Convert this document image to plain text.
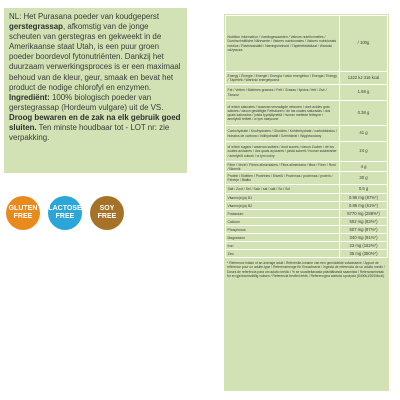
NL: Het Purasana poeder van koudgeperst gerstegrassap, afkomstig van de jonge scheuten van gerstegras en gekweekt in de Amerikaanse staat Utah, is een puur groen poeder boordevol fytonutriënten. Dankzij het duurzaam verwerkingsproces is er een maximaal behoud van de kleur, geur, smaak en bevat het product de nodige chlorofyl en enzymen. Ingrediënt: 100% biologisch poeder van gerstegrassap (Hordeum vulgare) uit de VS. Droog bewaren en de zak na elk gebruik goed sluiten. Ten minste houdbaar tot - LOT nr: zie verpakking.

GLUTEN FREE
LACTOSE FREE
SOY FREE
Nutrition information / Voedingswaarden / Valeurs nutritionnelles / Durchschnittliche Nährwerte / Valores nutricionales / Valores nutricionais médios / Ravintosisältö / Næringsinnhold / Tápértéktáblázat / Wartość odżywcza	/ 100g
Energy / Énergie / Energie / Energía / valor energético / Energia / Energy / Tápérték / Wartość energetyczna	1322 kJ 316 kcal
Fat / Vetten / Matières grasses / Fett / Grasas / lípidos / fett / Zsír / Tłuszcz	1.68 g
of which saturates / waarvan verzadigde vetzuren / dont acides gras saturés / davon gesättigte Fettsäuren / de las cuales saturadas / dos quais saturados / joista tyydyttyneitä / hvorav mettede fettsyrer / amelyből telített / w tym nasycone	0.38 g
Carbohydrate / Koolhydraten / Glucides / Kohlenhydrate / carbohidratos / hidratos de carbono / hiilihydraatit / Szénhidrát / Węglowodany	41 g
of which sugars / waarvan suikers / dont sucres / davon Zucker / de los cuales azúcares / dos quais açúcares / joista sokerit / hvorav sukkerarter / amelyből cukrok / w tym cukry	24 g
Fibre / Vezel / Fibres alimentaires / Fibra alimentaria / fibra / Fiber / Rost / Błonnik	4 g
Protein / Eiwitten / Protéines / Eiweiß / Proteínas / proteínas / protein / Fehérje / Białko	30 g
Salt / Zout / Sel / Salz / sal / salt / Só / Sól	0.5 g
Vitamin(e)(a) B1	0.96 mg (87%*)
Vitamin(e)(a) B2	0.85 mg (61%*)
Potassium	5770 mg (288%*)
Calcium	502 mg (63%*)
Phosphorus	607 mg (87%*)
Magnesium	340 mg (91%*)
Iron	23 mg (162%*)
Zinc	35 mg (350%*)
* Reference intake of an average adult / Referentie-inname van een gemiddelde volwassene / Apport de référence pour un adulte-type / Referenzmenge für Erwachsene / Ingesta de referencia de un adulto medio / Doses de referência para um adulto médio / % se suositeltavasta päivittäisestä saannista / Referanseinntak for en gjennomsnittlig voksen / Referencia beviteli érték / Referencyjna wartość spożycia (8400kJ/2000kcal).
